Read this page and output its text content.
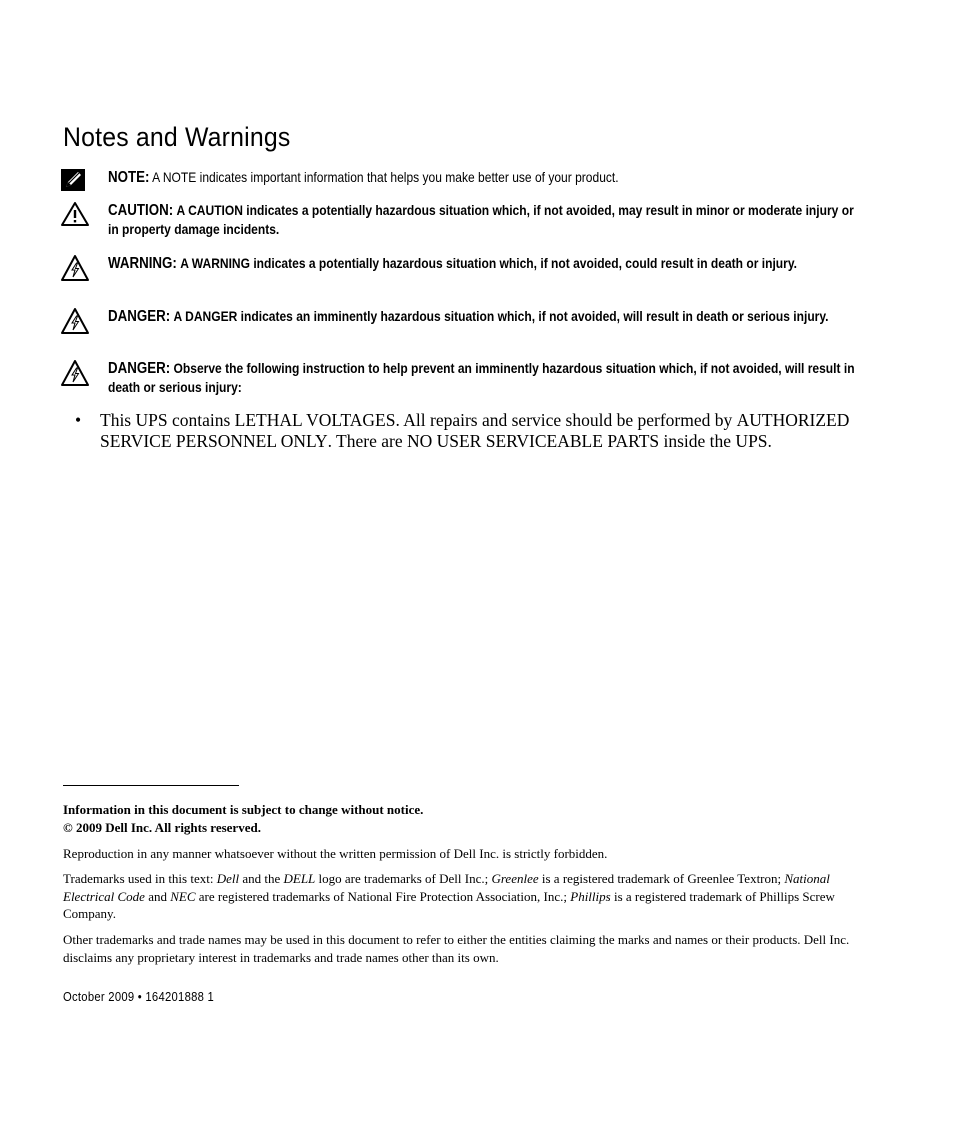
Notes and Warnings
NOTE: A NOTE indicates important information that helps you make better use of your product.
CAUTION: A CAUTION indicates a potentially hazardous situation which, if not avoided, may result in minor or moderate injury or in property damage incidents.
WARNING: A WARNING indicates a potentially hazardous situation which, if not avoided, could result in death or injury.
DANGER: A DANGER indicates an imminently hazardous situation which, if not avoided, will result in death or serious injury.
DANGER: Observe the following instruction to help prevent an imminently hazardous situation which, if not avoided, will result in death or serious injury:
• This UPS contains LETHAL VOLTAGES. All repairs and service should be performed by AUTHORIZED SERVICE PERSONNEL ONLY. There are NO USER SERVICEABLE PARTS inside the UPS.
Information in this document is subject to change without notice.
© 2009 Dell Inc. All rights reserved.
Reproduction in any manner whatsoever without the written permission of Dell Inc. is strictly forbidden.
Trademarks used in this text: Dell and the DELL logo are trademarks of Dell Inc.; Greenlee is a registered trademark of Greenlee Textron; National Electrical Code and NEC are registered trademarks of National Fire Protection Association, Inc.; Phillips is a registered trademark of Phillips Screw Company.
Other trademarks and trade names may be used in this document to refer to either the entities claiming the marks and names or their products. Dell Inc. disclaims any proprietary interest in trademarks and trade names other than its own.
October 2009 • 164201888 1
